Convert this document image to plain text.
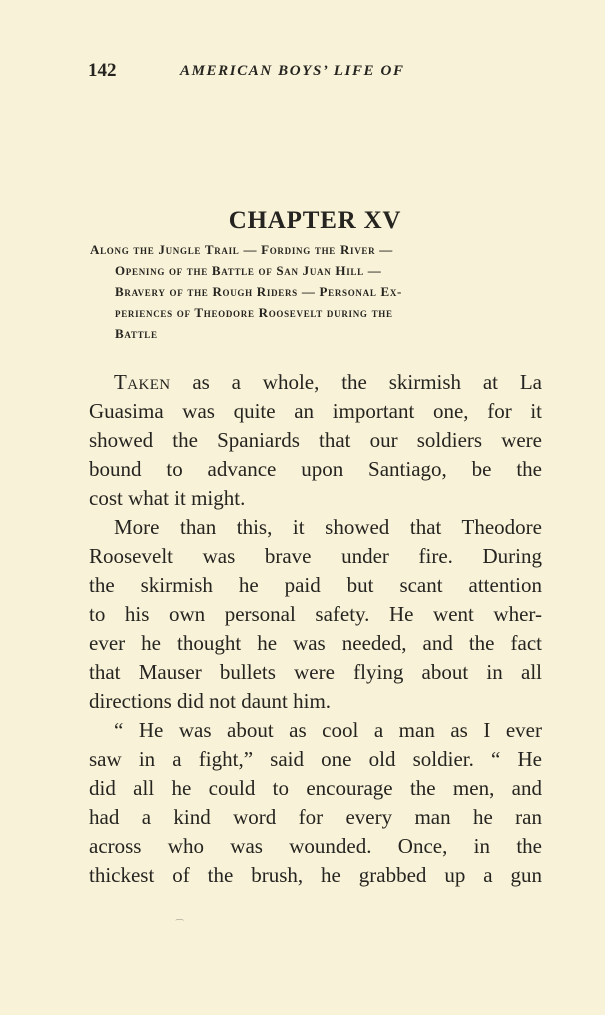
142	AMERICAN BOYS’ LIFE OF
CHAPTER XV
Along the Jungle Trail — Fording the River —
Opening of the Battle of San Juan Hill —
Bravery of the Rough Riders — Personal Ex-
periences of Theodore Roosevelt during the
Battle

Taken as a whole, the skirmish at La
Guasima was quite an important one, for it
showed the Spaniards that our soldiers were
bound to advance upon Santiago, be the
cost what it might.

More than this, it showed that Theodore
Roosevelt was brave under fire. During
the skirmish he paid but scant attention
to his own personal safety. He went wher-
ever he thought he was needed, and the fact
that Mauser bullets were flying about in all
directions did not daunt him.

“ He was about as cool a man as I ever
saw in a fight,” said one old soldier. “ He
did all he could to encourage the men, and
had a kind word for every man he ran
across who was wounded. Once, in the
thickest of the brush, he grabbed up a gun

⁀
